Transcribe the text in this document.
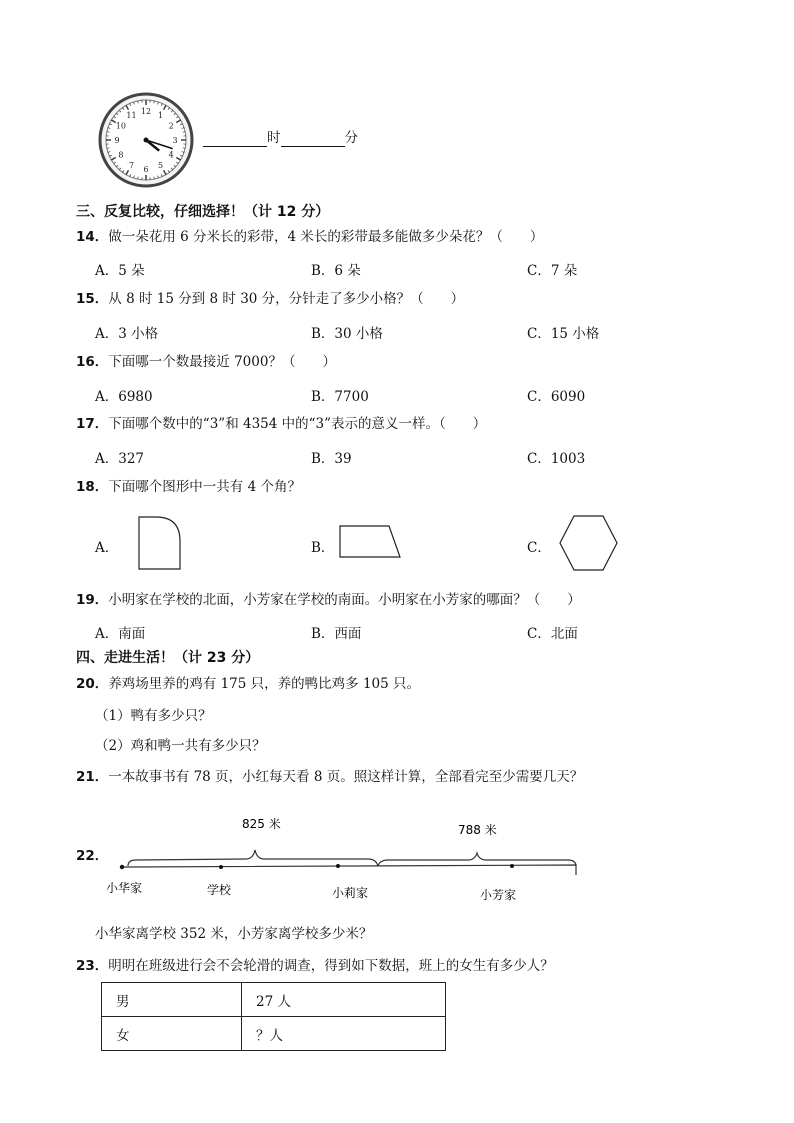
12 1
2
3
4
5
6
7
8
9
10
11
时	分
三、反复比较，仔细选择！（计 12 分）
14．做一朵花用 6 分米长的彩带，4 米长的彩带最多能做多少朵花？（　　）
A．5 朵	B．6 朵	C．7 朵
15．从 8 时 15 分到 8 时 30 分，分针走了多少小格？（　　）
A．3 小格	B．30 小格	C．15 小格
16．下面哪一个数最接近 7000？（　　）
A．6980	B．7700	C．6090
17．下面哪个数中的“3”和 4354 中的“3”表示的意义一样。（　　）
A．327	B．39	C．1003
18．下面哪个图形中一共有 4 个角？
A．	B．	C．
19．小明家在学校的北面，小芳家在学校的南面。小明家在小芳家的哪面？（　　）
A．南面	B．西面	C．北面
四、走进生活！（计 23 分）
20．养鸡场里养的鸡有 175 只，养的鸭比鸡多 105 只。
（1）鸭有多少只？
（2）鸡和鸭一共有多少只？
21．一本故事书有 78 页，小红每天看 8 页。照这样计算，全部看完至少需要几天？
22．
825 米	788 米
小华家	学校	小莉家	小芳家
小华家离学校 352 米，小芳家离学校多少米？
23．明明在班级进行会不会轮滑的调查，得到如下数据，班上的女生有多少人？
男	27 人
女	？人
